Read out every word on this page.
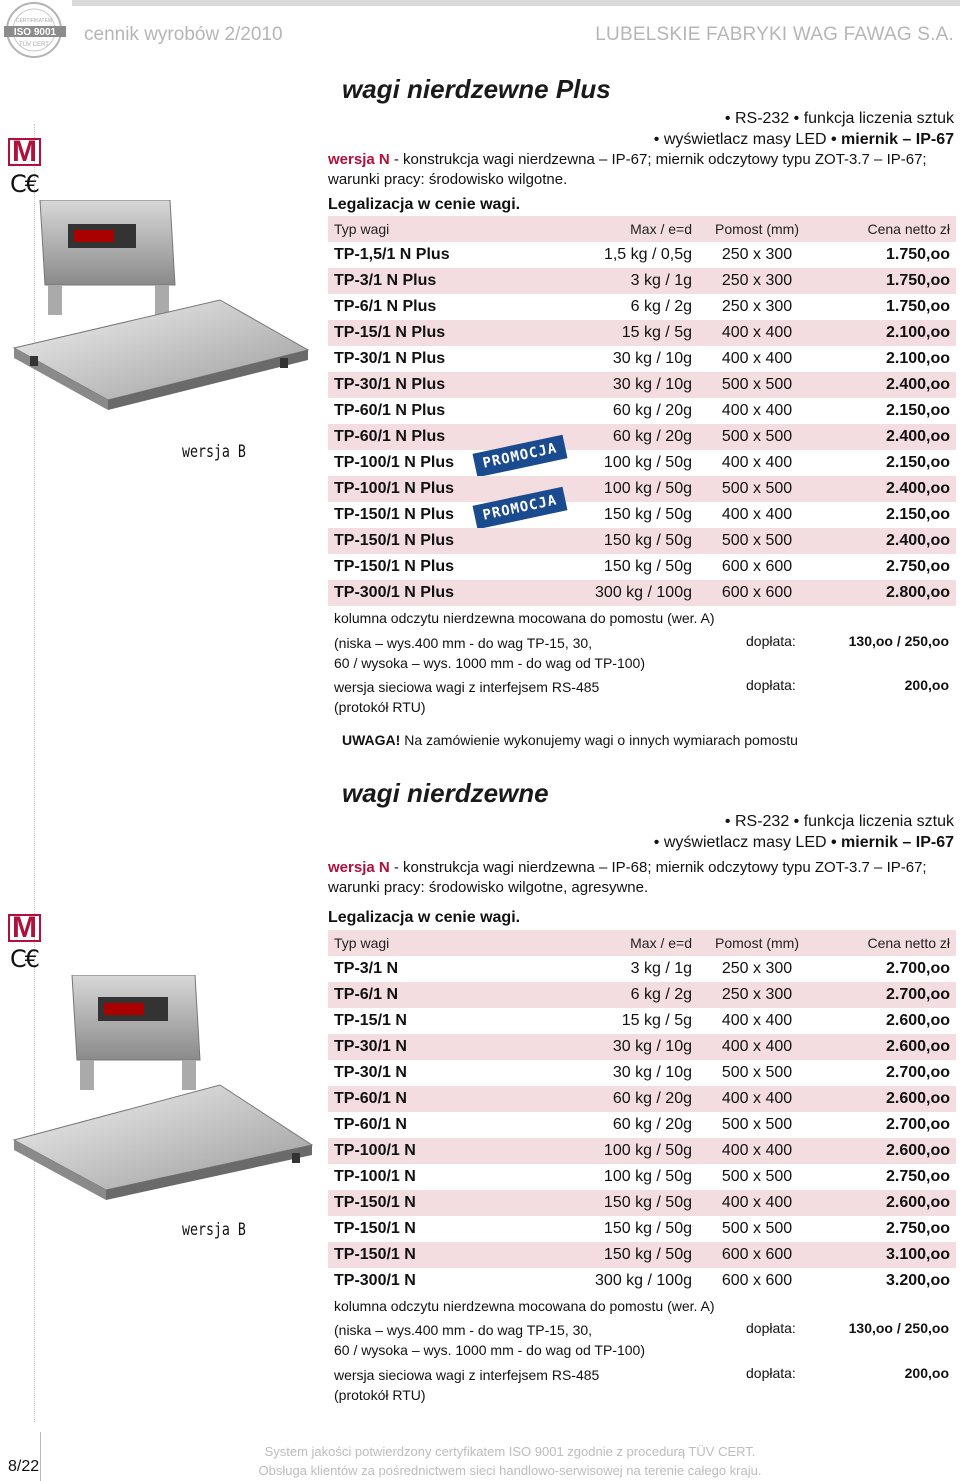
CERTIFIKATEM
ISO 9001
TÜV CERT cennik wyrobów 2/2010	LUBELSKIE FABRYKI WAG FAWAG S.A.
wagi nierdzewne Plus
• RS-232 • funkcja liczenia sztuk
• wyświetlacz masy LED • miernik – IP-67
wersja N - konstrukcja wagi nierdzewna – IP-67; miernik odczytowy typu ZOT-3.7 – IP-67; warunki pracy: środowisko wilgotne.
Legalizacja w cenie wagi.
M
C€
wersja B
Typ wagi	Max / e=d	Pomost (mm)	Cena netto zł
TP-1,5/1 N Plus	1,5 kg / 0,5g	250 x 300	1.750,oo
TP-3/1 N Plus	3 kg / 1g	250 x 300	1.750,oo
TP-6/1 N Plus	6 kg / 2g	250 x 300	1.750,oo
TP-15/1 N Plus	15 kg / 5g	400 x 400	2.100,oo
TP-30/1 N Plus	30 kg / 10g	400 x 400	2.100,oo
TP-30/1 N Plus	30 kg / 10g	500 x 500	2.400,oo
TP-60/1 N Plus	60 kg / 20g	400 x 400	2.150,oo
TP-60/1 N Plus	60 kg / 20g	500 x 500	2.400,oo
TP-100/1 N Plus PROMOCJA	100 kg / 50g	400 x 400	2.150,oo
TP-100/1 N Plus	100 kg / 50g	500 x 500	2.400,oo
TP-150/1 N Plus PROMOCJA	150 kg / 50g	400 x 400	2.150,oo
TP-150/1 N Plus	150 kg / 50g	500 x 500	2.400,oo
TP-150/1 N Plus	150 kg / 50g	600 x 600	2.750,oo
TP-300/1 N Plus	300 kg / 100g	600 x 600	2.800,oo
kolumna odczytu nierdzewna mocowana do pomostu (wer. A)
(niska – wys.400 mm - do wag TP-15, 30,
60 / wysoka – wys. 1000 mm - do wag od TP-100)
dopłata:	130,oo / 250,oo
wersja sieciowa wagi z interfejsem RS-485
(protokół RTU)
dopłata:	200,oo
UWAGA! Na zamówienie wykonujemy wagi o innych wymiarach pomostu
wagi nierdzewne
• RS-232 • funkcja liczenia sztuk
• wyświetlacz masy LED • miernik – IP-67
wersja N - konstrukcja wagi nierdzewna – IP-68; miernik odczytowy typu ZOT-3.7 – IP-67; warunki pracy: środowisko wilgotne, agresywne.
Legalizacja w cenie wagi.
M
C€
wersja B
Typ wagi	Max / e=d	Pomost (mm)	Cena netto zł
TP-3/1 N	3 kg / 1g	250 x 300	2.700,oo
TP-6/1 N	6 kg / 2g	250 x 300	2.700,oo
TP-15/1 N	15 kg / 5g	400 x 400	2.600,oo
TP-30/1 N	30 kg / 10g	400 x 400	2.600,oo
TP-30/1 N	30 kg / 10g	500 x 500	2.700,oo
TP-60/1 N	60 kg / 20g	400 x 400	2.600,oo
TP-60/1 N	60 kg / 20g	500 x 500	2.700,oo
TP-100/1 N	100 kg / 50g	400 x 400	2.600,oo
TP-100/1 N	100 kg / 50g	500 x 500	2.750,oo
TP-150/1 N	150 kg / 50g	400 x 400	2.600,oo
TP-150/1 N	150 kg / 50g	500 x 500	2.750,oo
TP-150/1 N	150 kg / 50g	600 x 600	3.100,oo
TP-300/1 N	300 kg / 100g	600 x 600	3.200,oo
kolumna odczytu nierdzewna mocowana do pomostu (wer. A)
(niska – wys.400 mm - do wag TP-15, 30,
60 / wysoka – wys. 1000 mm - do wag od TP-100)
dopłata:	130,oo / 250,oo
wersja sieciowa wagi z interfejsem RS-485
(protokół RTU)
dopłata:	200,oo
8/22
System jakości potwierdzony certyfikatem ISO 9001 zgodnie z procedurą TÜV CERT.
Obsługa klientów za pośrednictwem sieci handlowo-serwisowej na terenie całego kraju.
